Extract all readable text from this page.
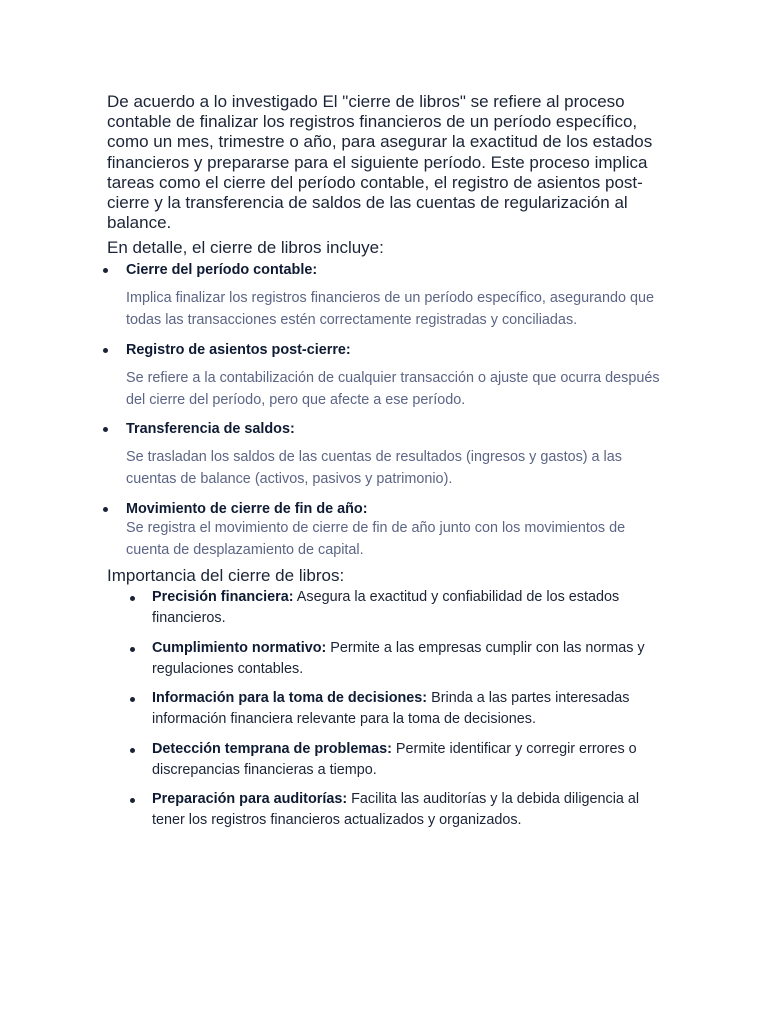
De acuerdo a lo investigado El "cierre de libros" se refiere al proceso contable de finalizar los registros financieros de un período específico, como un mes, trimestre o año, para asegurar la exactitud de los estados financieros y prepararse para el siguiente período. Este proceso implica tareas como el cierre del período contable, el registro de asientos post-cierre y la transferencia de saldos de las cuentas de regularización al balance.

En detalle, el cierre de libros incluye:

Cierre del período contable:

Implica finalizar los registros financieros de un período específico, asegurando que todas las transacciones estén correctamente registradas y conciliadas.

Registro de asientos post-cierre:

Se refiere a la contabilización de cualquier transacción o ajuste que ocurra después del cierre del período, pero que afecte a ese período.

Transferencia de saldos:

Se trasladan los saldos de las cuentas de resultados (ingresos y gastos) a las cuentas de balance (activos, pasivos y patrimonio).

Movimiento de cierre de fin de año:

Se registra el movimiento de cierre de fin de año junto con los movimientos de cuenta de desplazamiento de capital.

Importancia del cierre de libros:

Precisión financiera: Asegura la exactitud y confiabilidad de los estados financieros.

Cumplimiento normativo: Permite a las empresas cumplir con las normas y regulaciones contables.

Información para la toma de decisiones: Brinda a las partes interesadas información financiera relevante para la toma de decisiones.

Detección temprana de problemas: Permite identificar y corregir errores o discrepancias financieras a tiempo.

Preparación para auditorías: Facilita las auditorías y la debida diligencia al tener los registros financieros actualizados y organizados.
